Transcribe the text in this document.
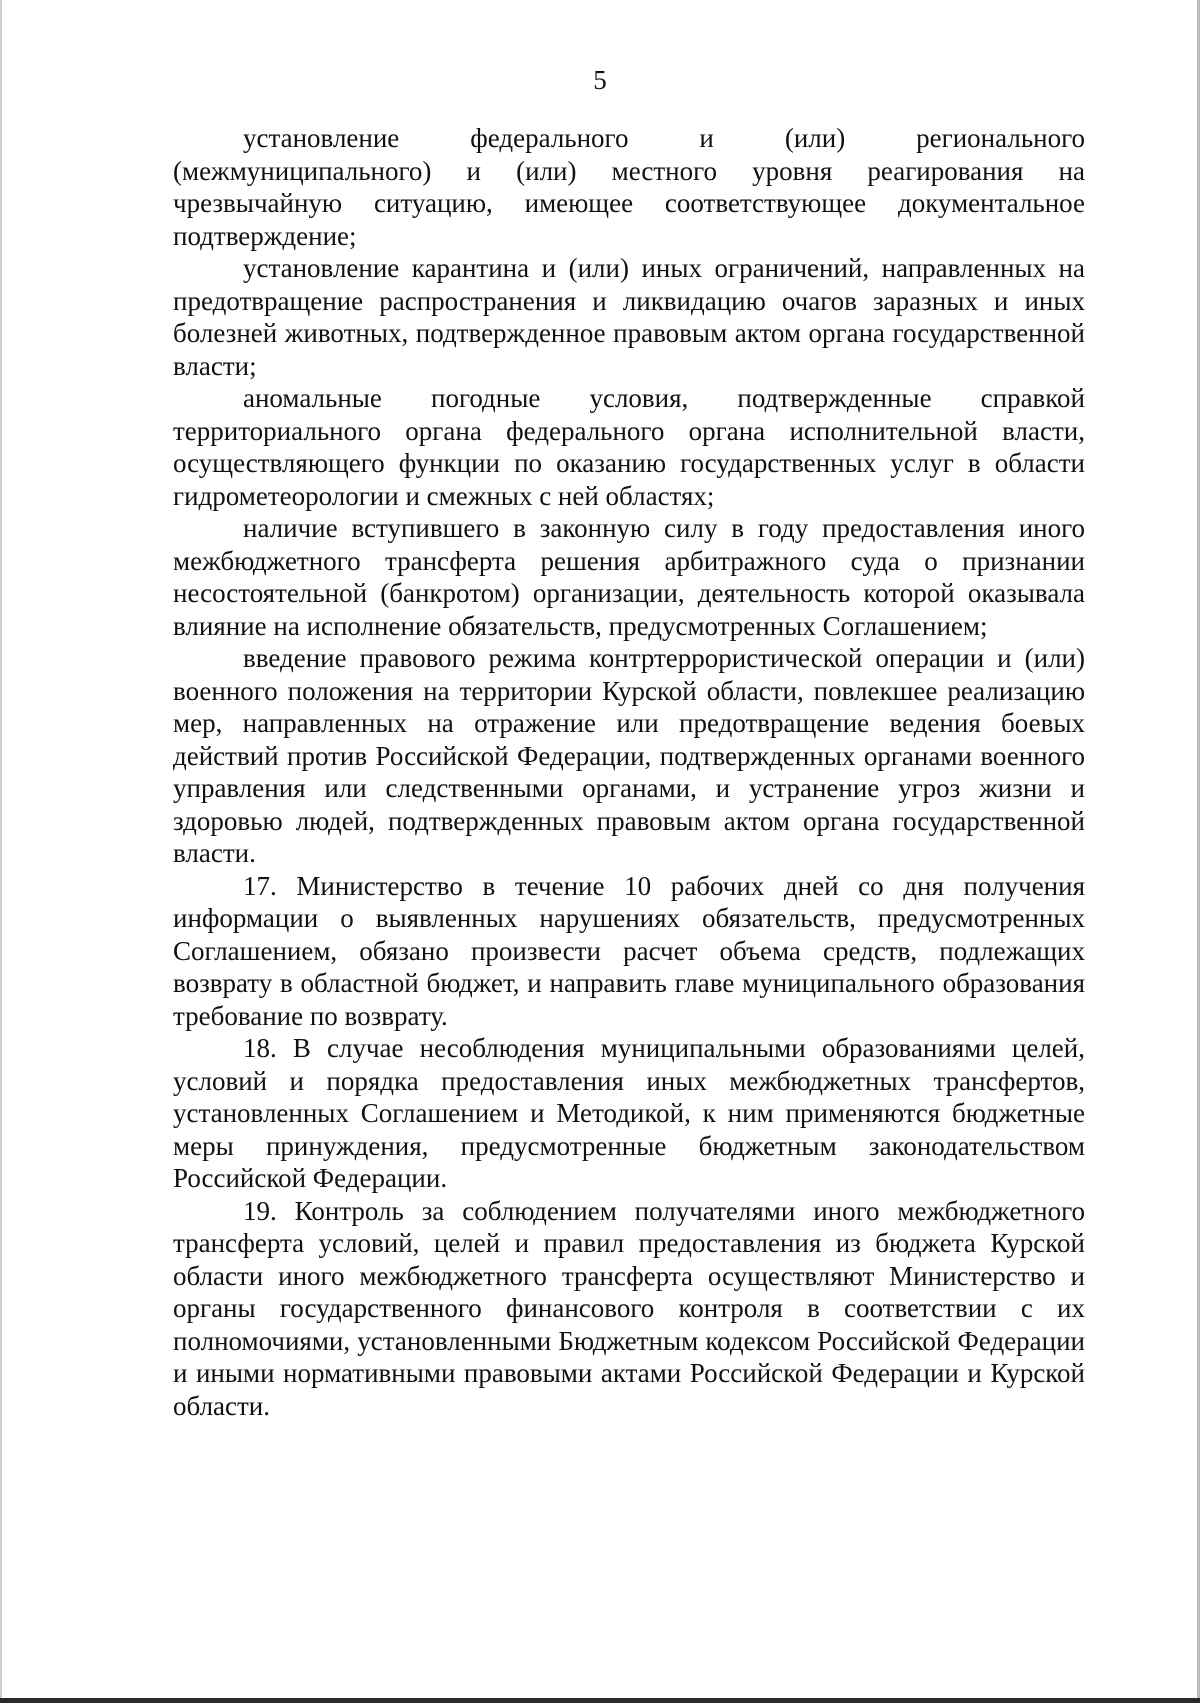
5

установление федерального и (или) регионального (межмуниципального) и (или) местного уровня реагирования на чрезвычайную ситуацию, имеющее соответствующее документальное подтверждение;

установление карантина и (или) иных ограничений, направленных на предотвращение распространения и ликвидацию очагов заразных и иных болезней животных, подтвержденное правовым актом органа государственной власти;

аномальные погодные условия, подтвержденные справкой территориального органа федерального органа исполнительной власти, осуществляющего функции по оказанию государственных услуг в области гидрометеорологии и смежных с ней областях;

наличие вступившего в законную силу в году предоставления иного межбюджетного трансферта решения арбитражного суда о признании несостоятельной (банкротом) организации, деятельность которой оказывала влияние на исполнение обязательств, предусмотренных Соглашением;

введение правового режима контртеррористической операции и (или) военного положения на территории Курской области, повлекшее реализацию мер, направленных на отражение или предотвращение ведения боевых действий против Российской Федерации, подтвержденных органами военного управления или следственными органами, и устранение угроз жизни и здоровью людей, подтвержденных правовым актом органа государственной власти.

17. Министерство в течение 10 рабочих дней со дня получения информации о выявленных нарушениях обязательств, предусмотренных Соглашением, обязано произвести расчет объема средств, подлежащих возврату в областной бюджет, и направить главе муниципального образования требование по возврату.

18. В случае несоблюдения муниципальными образованиями целей, условий и порядка предоставления иных межбюджетных трансфертов, установленных Соглашением и Методикой, к ним применяются бюджетные меры принуждения, предусмотренные бюджетным законодательством Российской Федерации.

19. Контроль за соблюдением получателями иного межбюджетного трансферта условий, целей и правил предоставления из бюджета Курской области иного межбюджетного трансферта осуществляют Министерство и органы государственного финансового контроля в соответствии с их полномочиями, установленными Бюджетным кодексом Российской Федерации и иными нормативными правовыми актами Российской Федерации и Курской области.
